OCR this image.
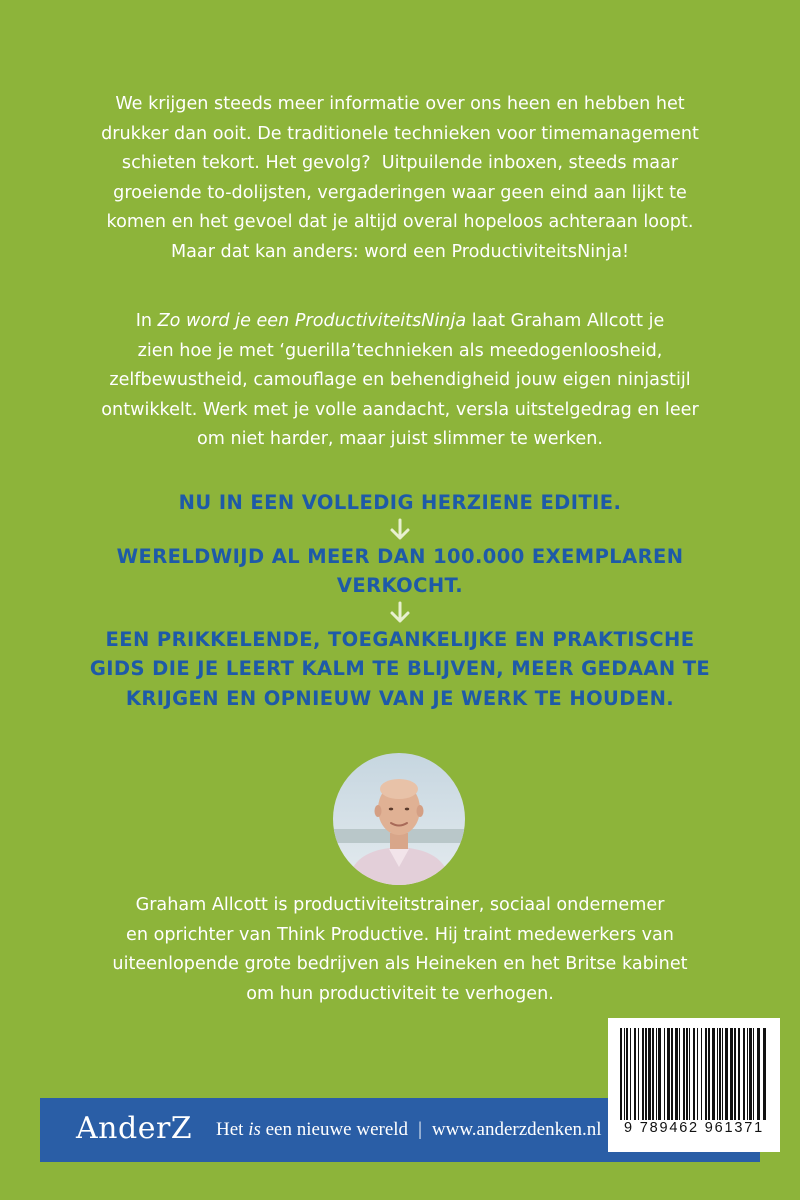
We krijgen steeds meer informatie over ons heen en hebben het
drukker dan ooit. De traditionele technieken voor timemanagement
schieten tekort. Het gevolg?  Uitpuilende inboxen, steeds maar
groeiende to-dolijsten, vergaderingen waar geen eind aan lijkt te
komen en het gevoel dat je altijd overal hopeloos achteraan loopt.
Maar dat kan anders: word een ProductiviteitsNinja!

In Zo word je een ProductiviteitsNinja laat Graham Allcott je
zien hoe je met ‘guerilla’technieken als meedogenloosheid,
zelfbewustheid, camouflage en behendigheid jouw eigen ninjastijl
ontwikkelt. Werk met je volle aandacht, versla uitstelgedrag en leer
om niet harder, maar juist slimmer te werken.

NU IN EEN VOLLEDIG HERZIENE EDITIE.
WERELDWIJD AL MEER DAN 100.000 EXEMPLAREN
VERKOCHT.
EEN PRIKKELENDE, TOEGANKELIJKE EN PRAKTISCHE
GIDS DIE JE LEERT KALM TE BLIJVEN, MEER GEDAAN TE
KRIJGEN EN OPNIEUW VAN JE WERK TE HOUDEN.

Graham Allcott is productiviteitstrainer, sociaal ondernemer
en oprichter van Think Productive. Hij traint medewerkers van
uiteenlopende grote bedrijven als Heineken en het Britse kabinet
om hun productiviteit te verhogen.

AnderZ Het is een nieuwe wereld | www.anderzdenken.nl	9 789462 961371
